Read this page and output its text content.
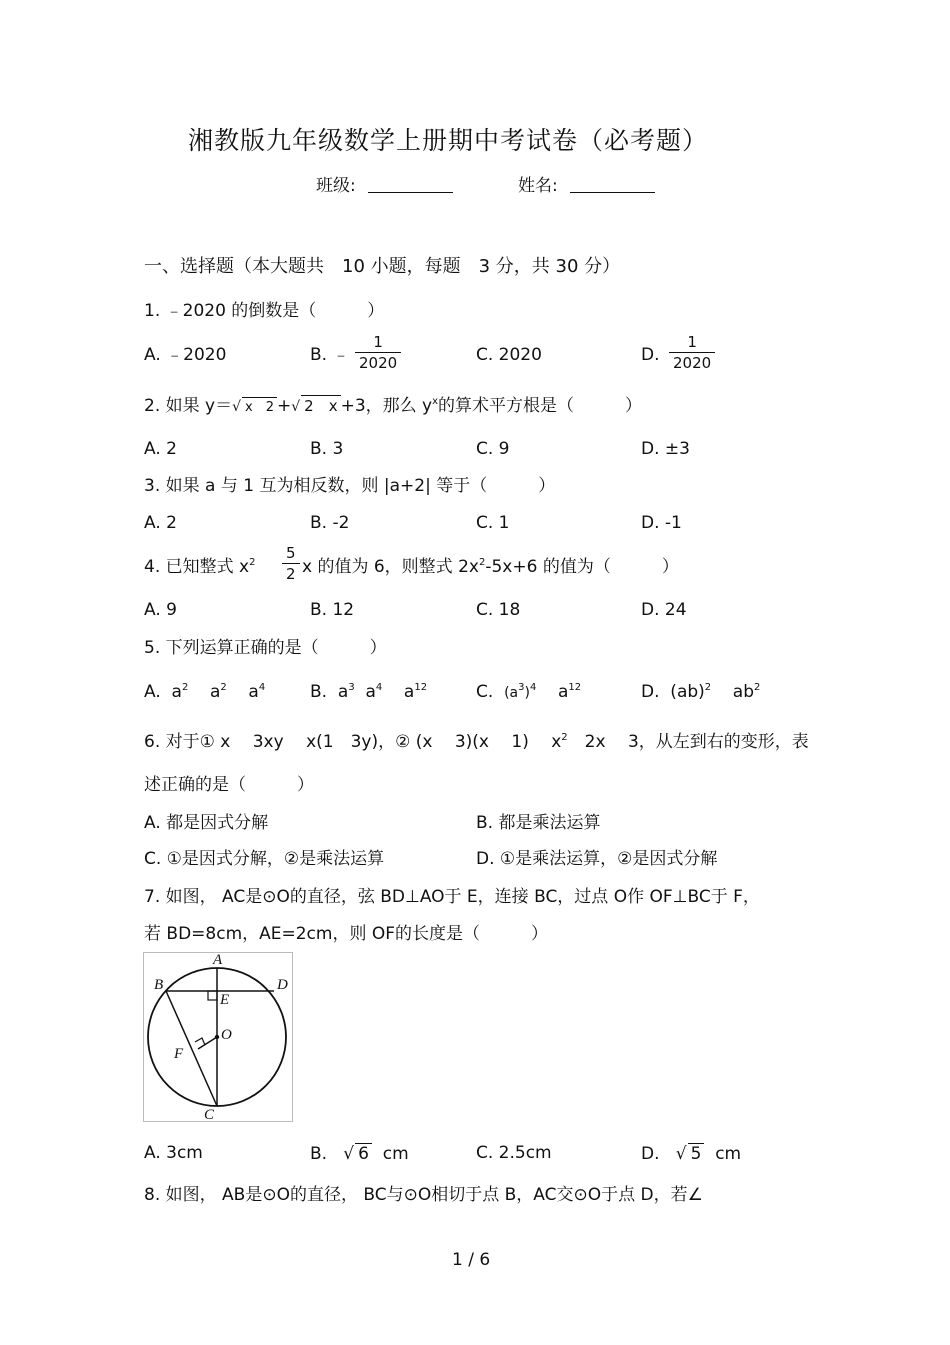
湘教版九年级数学上册期中考试卷（必考题）
班级:	姓名:
一、选择题（本大题共　10 小题，每题　3 分，共 30 分）
1. ﹣2020 的倒数是（　　　）
A. ﹣2020	B. ﹣
1
2020	C. 2020	D.
1
2020
2. 如果 y＝√ x　2 +√ 2　x +3，那么 $y^x$的算术平方根是（　　　）
A. 2	B. 3	C. 9	D. ±3
3. 如果 a 与 1 互为相反数，则 |a+2| 等于（　　　）
A. 2	B. -2	C. 1	D. -1
4. 已知整式 $x^2$
5
2 x 的值为 6，则整式 $2x^2-5x+6$ 的值为（　　　）
A. 9	B. 12	C. 18	D. 24
5. 下列运算正确的是（　　　）
A.  $a^2$    $a^2$    $a^4$	B.  $a^3$  $a^4$    $a^{12}$	C. $(a^3)^4$    $a^{12}$	D.  (ab)$^2$    $ab^2$
6. 对于① x　 3xy　 x(1　3y)，② (x　 3)(x　 1)　 $x^2$　2x　 3，从左到右的变形，表
述正确的是（　　　）
A. 都是因式分解	B. 都是乘法运算
C. ①是因式分解，②是乘法运算	D. ①是乘法运算，②是因式分解
7. 如图， AC是⊙O的直径，弦 BD⊥AO于 E，连接 BC，过点 O作 OF⊥BC于 F，
若 BD=8cm，AE=2cm，则 OF的长度是（　　　）
A
B	D
E
O
F
C
A. 3cm	B. √ 6 cm	C. 2.5cm	D. √ 5 cm
8. 如图， AB是⊙O的直径， BC与⊙O相切于点 B，AC交⊙O于点 D，若∠
1 / 6
